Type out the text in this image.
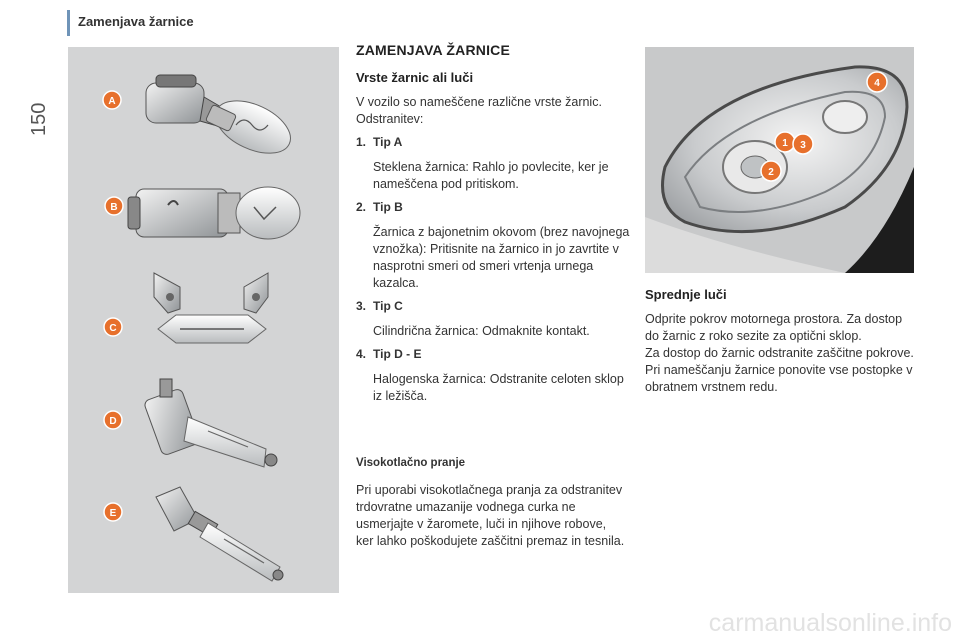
Zamenjava žarnice
150
A
B
C
D
E
ZAMENJAVA ŽARNICE
Vrste žarnic ali luči
V vozilo so nameščene različne vrste žarnic. Odstranitev:
1. Tip A
Steklena žarnica: Rahlo jo povlecite, ker je nameščena pod pritiskom.
2. Tip B
Žarnica z bajonetnim okovom (brez navojnega vznožka): Pritisnite na žarnico in jo zavrtite v nasprotni smeri od smeri vrtenja urnega kazalca.
3. Tip C
Cilindrična žarnica: Odmaknite kontakt.
4. Tip D - E
Halogenska žarnica: Odstranite celoten sklop iz ležišča.
Visokotlačno pranje
Pri uporabi visokotlačnega pranja za odstranitev trdovratne umazanije vodnega curka ne usmerjajte v žaromete, luči in njihove robove, ker lahko poškodujete zaščitni premaz in tesnila.
1
2
3
4
Sprednje luči
Odprite pokrov motornega prostora. Za dostop do žarnic z roko sezite za optični sklop.
Za dostop do žarnic odstranite zaščitne pokrove.
Pri nameščanju žarnice ponovite vse postopke v obratnem vrstnem redu.
carmanualsonline.info
